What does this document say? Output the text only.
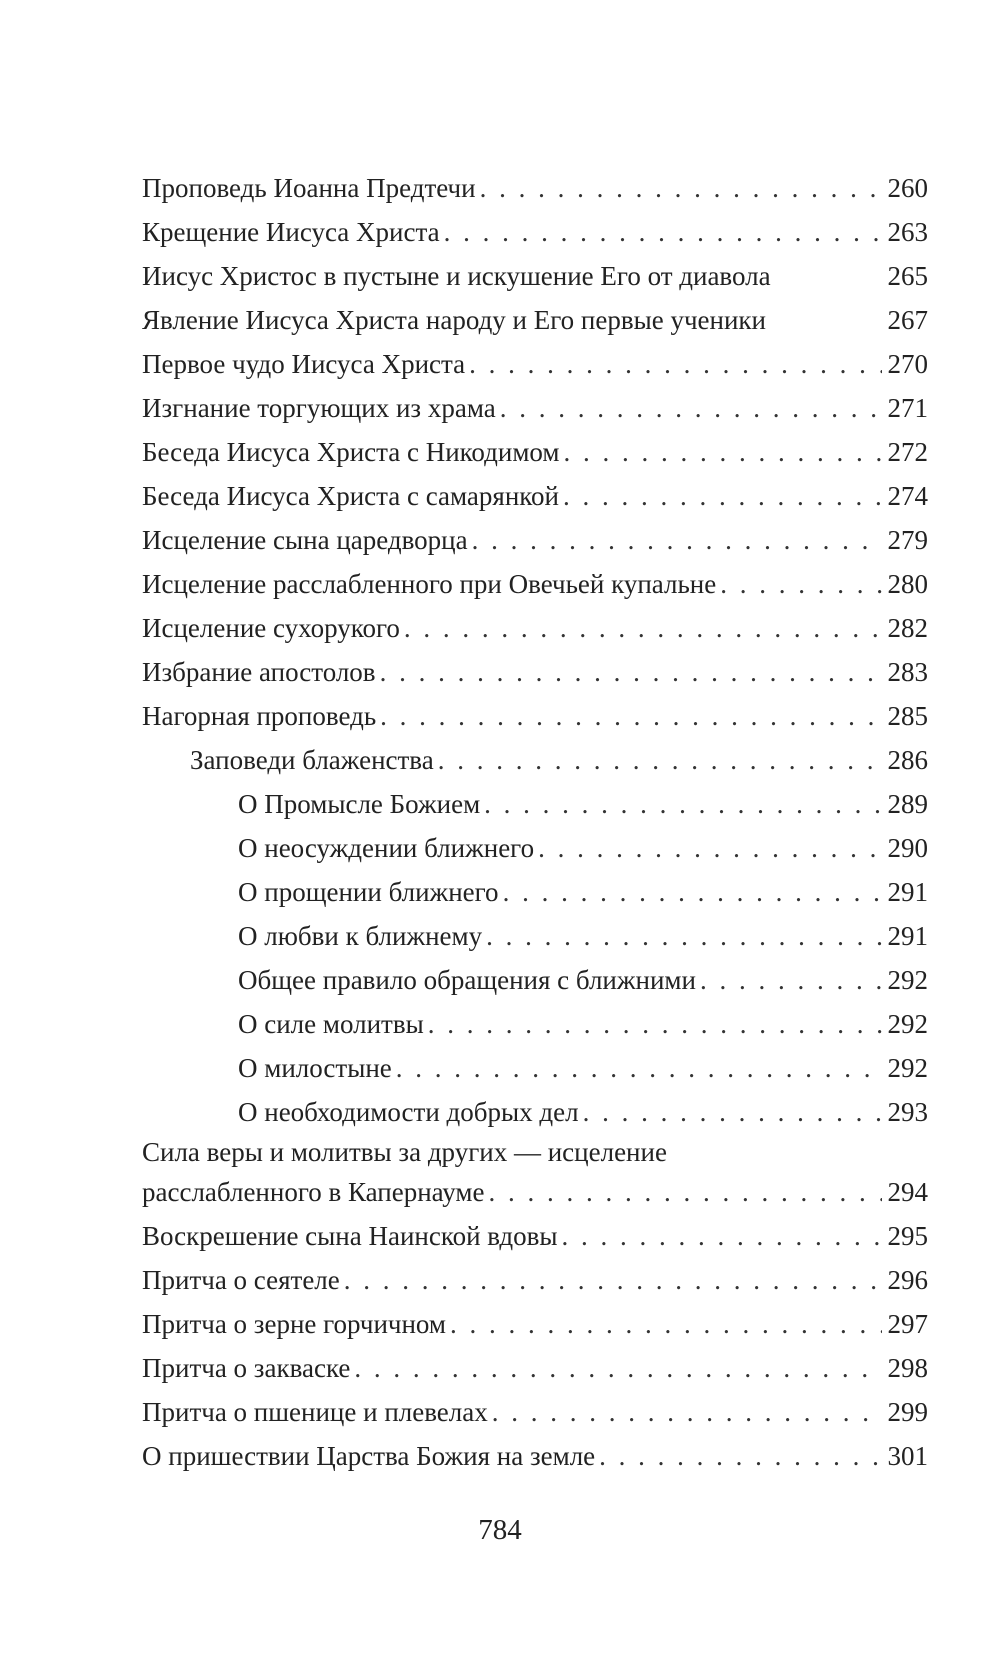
Проповедь Иоанна Предтечи . . .	260
Крещение Иисуса Христа . . .	263
Иисус Христос в пустыне и искушение Его от диавола	265
Явление Иисуса Христа народу и Его первые ученики	267
Первое чудо Иисуса Христа . . .	270
Изгнание торгующих из храма . . .	271
Беседа Иисуса Христа с Никодимом . . .	272
Беседа Иисуса Христа с самарянкой . . .	274
Исцеление сына царедворца . . .	279
Исцеление расслабленного при Овечьей купальне . . .	280
Исцеление сухорукого . . .	282
Избрание апостолов . . .	283
Нагорная проповедь . . .	285
Заповеди блаженства . . .	286
О Промысле Божием . . .	289
О неосуждении ближнего . . .	290
О прощении ближнего . . .	291
О любви к ближнему . . .	291
Общее правило обращения с ближними . . .	292
О силе молитвы . . .	292
О милостыне . . .	292
О необходимости добрых дел . . .	293
Сила веры и молитвы за других — исцеление
расслабленного в Капернауме . . .	294
Воскрешение сына Наинской вдовы . . .	295
Притча о сеятеле . . .	296
Притча о зерне горчичном . . .	297
Притча о закваске . . .	298
Притча о пшенице и плевелах . . .	299
О пришествии Царства Божия на земле . . .	301
784
